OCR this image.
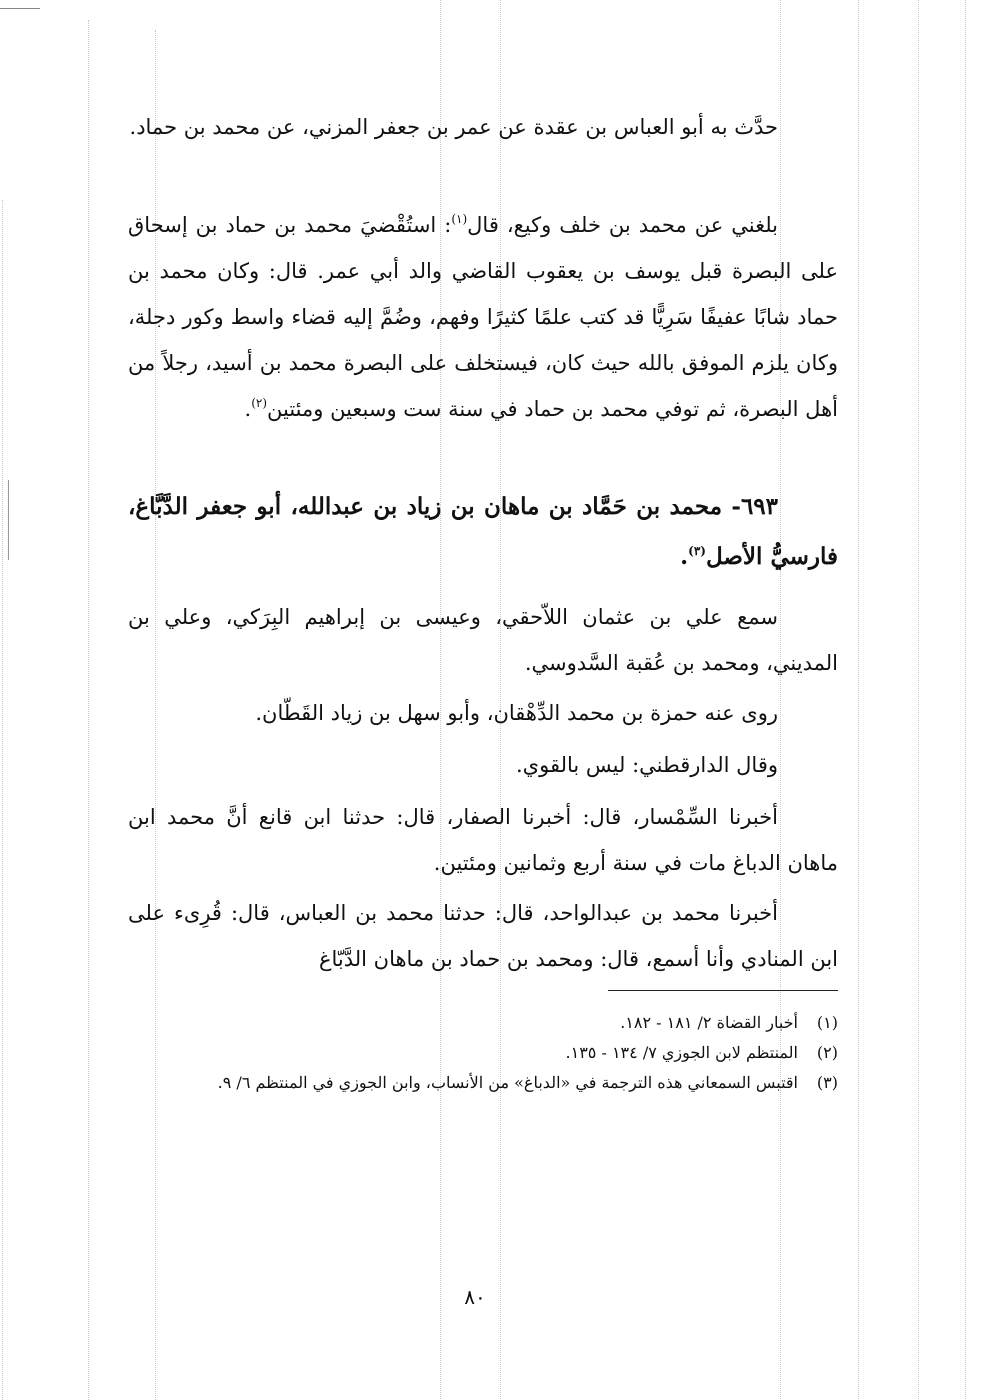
حدَّث به أبو العباس بن عقدة عن عمر بن جعفر المزني، عن محمد بن حماد.
بلغني عن محمد بن خلف وكيع، قال$^{(١)}$: استُقْضيَ محمد بن حماد بن إسحاق على البصرة قبل يوسف بن يعقوب القاضي والد أبي عمر. قال: وكان محمد بن حماد شابًا عفيفًا سَرِيًّا قد كتب علمًا كثيرًا وفهم، وضُمَّ إليه قضاء واسط وكور دجلة، وكان يلزم الموفق بالله حيث كان، فيستخلف على البصرة محمد بن أسيد، رجلاً من أهل البصرة، ثم توفي محمد بن حماد في سنة ست وسبعين ومئتين$^{(٢)}$.
٦٩٣- محمد بن حَمَّاد بن ماهان بن زياد بن عبدالله، أبو جعفر الدَّبَّاغ، فارسيُّ الأصل$^{(٣)}$.
سمع علي بن عثمان اللاّحقي، وعيسى بن إبراهيم البِرَكي، وعلي بن المديني، ومحمد بن عُقبة السَّدوسي.
روى عنه حمزة بن محمد الدِّهْقان، وأبو سهل بن زياد القَطّان.
وقال الدارقطني: ليس بالقوي.
أخبرنا السِّمْسار، قال: أخبرنا الصفار، قال: حدثنا ابن قانع أنَّ محمد ابن ماهان الدباغ مات في سنة أربع وثمانين ومئتين.
أخبرنا محمد بن عبدالواحد، قال: حدثنا محمد بن العباس، قال: قُرِىء على ابن المنادي وأنا أسمع، قال: ومحمد بن حماد بن ماهان الدَّبّاغ
(١)أخبار القضاة ٢/ ١٨١ - ١٨٢.
(٢)المنتظم لابن الجوزي ٧/ ١٣٤ - ١٣٥.
(٣)اقتبس السمعاني هذه الترجمة في «الدباغ» من الأنساب، وابن الجوزي في المنتظم ٦/ ٩.
٨٠
